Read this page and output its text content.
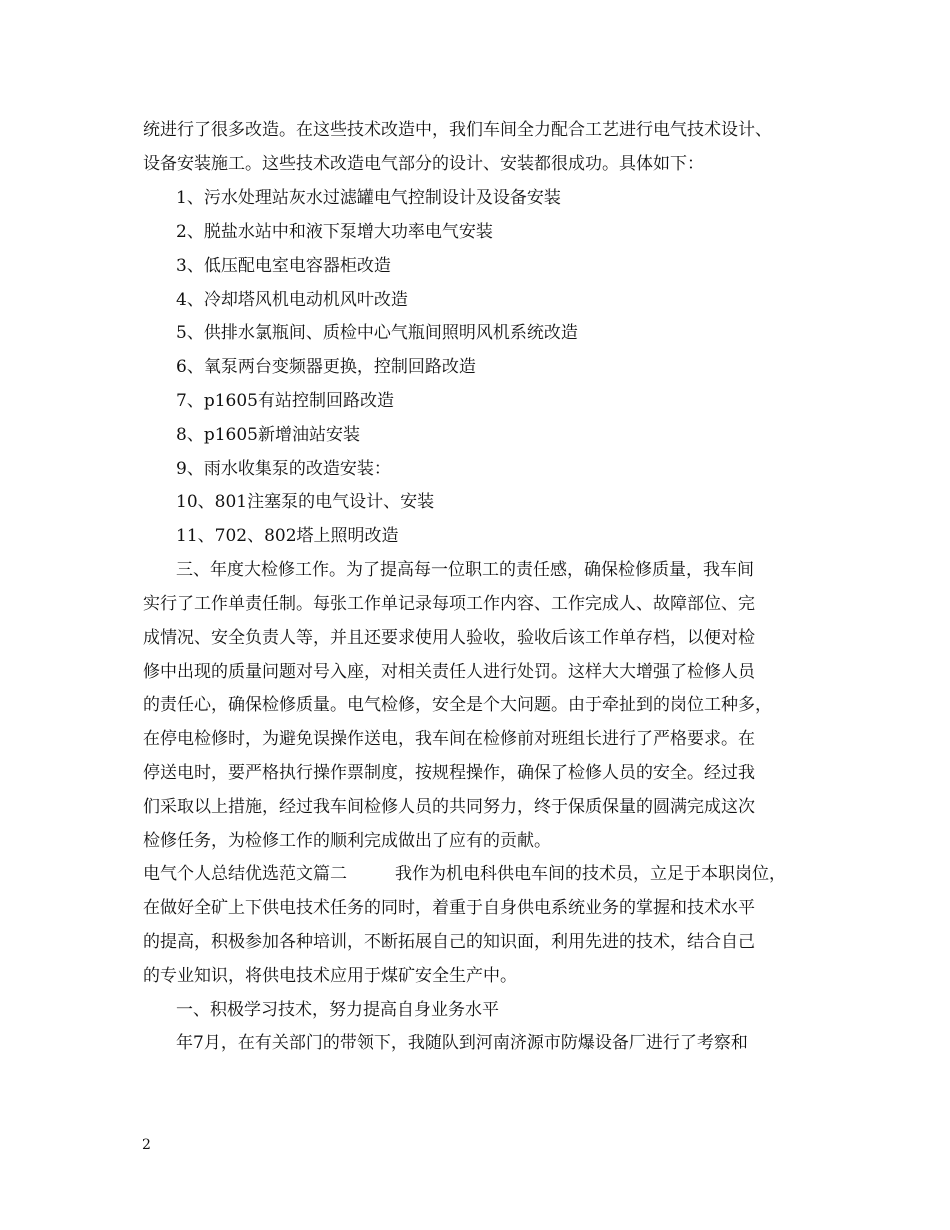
统进行了很多改造。在这些技术改造中，我们车间全力配合工艺进行电气技术设计、
设备安装施工。这些技术改造电气部分的设计、安装都很成功。具体如下：
1、污水处理站灰水过滤罐电气控制设计及设备安装
2、脱盐水站中和液下泵增大功率电气安装
3、低压配电室电容器柜改造
4、冷却塔风机电动机风叶改造
5、供排水氯瓶间、质检中心气瓶间照明风机系统改造
6、氧泵两台变频器更换，控制回路改造
7、p1605有站控制回路改造
8、p1605新增油站安装
9、雨水收集泵的改造安装：
10、801注塞泵的电气设计、安装
11、702、802塔上照明改造
三、年度大检修工作。为了提高每一位职工的责任感，确保检修质量，我车间
实行了工作单责任制。每张工作单记录每项工作内容、工作完成人、故障部位、完
成情况、安全负责人等，并且还要求使用人验收，验收后该工作单存档，以便对检
修中出现的质量问题对号入座，对相关责任人进行处罚。这样大大增强了检修人员
的责任心，确保检修质量。电气检修，安全是个大问题。由于牵扯到的岗位工种多，
在停电检修时，为避免误操作送电，我车间在检修前对班组长进行了严格要求。在
停送电时，要严格执行操作票制度，按规程操作，确保了检修人员的安全。经过我
们采取以上措施，经过我车间检修人员的共同努力，终于保质保量的圆满完成这次
检修任务，为检修工作的顺利完成做出了应有的贡献。
电气个人总结优选范文篇二	我作为机电科供电车间的技术员，立足于本职岗位，
在做好全矿上下供电技术任务的同时，着重于自身供电系统业务的掌握和技术水平
的提高，积极参加各种培训，不断拓展自己的知识面，利用先进的技术，结合自己
的专业知识，将供电技术应用于煤矿安全生产中。
一、积极学习技术，努力提高自身业务水平
年7月，在有关部门的带领下，我随队到河南济源市防爆设备厂进行了考察和
2
